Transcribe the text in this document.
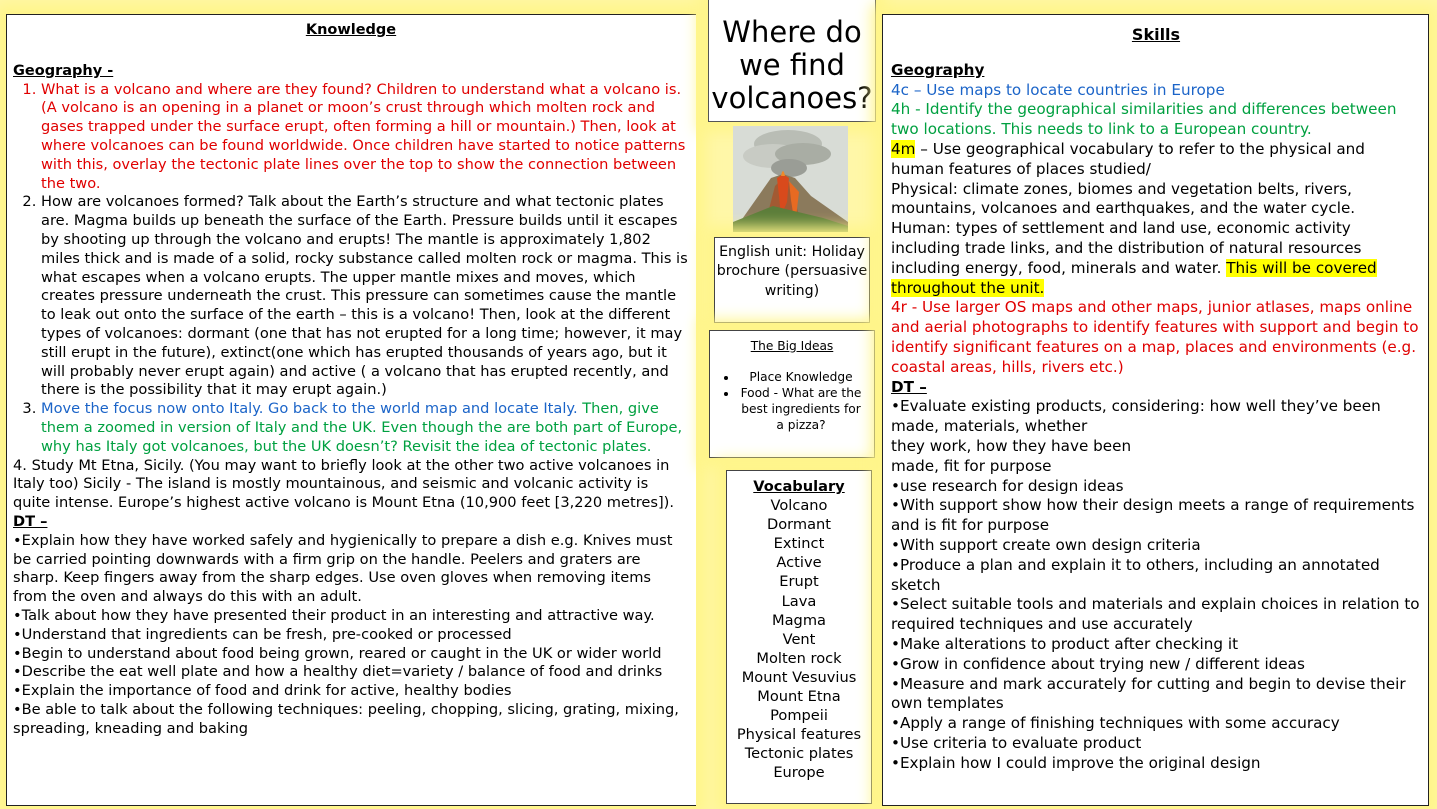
Knowledge

Geography -

1. What is a volcano and where are they found? Children to understand what a volcano is. (A volcano is an opening in a planet or moon’s crust through which molten rock and gases trapped under the surface erupt, often forming a hill or mountain.) Then, look at where volcanoes can be found worldwide. Once children have started to notice patterns with this, overlay the tectonic plate lines over the top to show the connection between the two.
2. How are volcanoes formed? Talk about the Earth’s structure and what tectonic plates are. Magma builds up beneath the surface of the Earth. Pressure builds until it escapes by shooting up through the volcano and erupts! The mantle is approximately 1,802 miles thick and is made of a solid, rocky substance called molten rock or magma. This is what escapes when a volcano erupts. The upper mantle mixes and moves, which creates pressure underneath the crust. This pressure can sometimes cause the mantle to leak out onto the surface of the earth – this is a volcano! Then, look at the different types of volcanoes: dormant (one that has not erupted for a long time; however, it may still erupt in the future), extinct(one which has erupted thousands of years ago, but it will probably never erupt again) and active ( a volcano that has erupted recently, and there is the possibility that it may erupt again.)
3. Move the focus now onto Italy. Go back to the world map and locate Italy. Then, give them a zoomed in version of Italy and the UK. Even though the are both part of Europe, why has Italy got volcanoes, but the UK doesn’t? Revisit the idea of tectonic plates.

4. Study Mt Etna, Sicily. (You may want to briefly look at the other two active volcanoes in Italy too) Sicily - The island is mostly mountainous, and seismic and volcanic activity is quite intense. Europe’s highest active volcano is Mount Etna (10,900 feet [3,220 metres]).

DT –

• Explain how they have worked safely and hygienically to prepare a dish e.g. Knives must be carried pointing downwards with a firm grip on the handle. Peelers and graters are sharp. Keep fingers away from the sharp edges. Use oven gloves when removing items from the oven and always do this with an adult.
• Talk about how they have presented their product in an interesting and attractive way.
• Understand that ingredients can be fresh, pre-cooked or processed
• Begin to understand about food being grown, reared or caught in the UK or wider world
• Describe the eat well plate and how a healthy diet=variety / balance of food and drinks
• Explain the importance of food and drink for active, healthy bodies
• Be able to talk about the following techniques: peeling, chopping, slicing, grating, mixing, spreading, kneading and baking
Where do we find volcanoes?
English unit: Holiday brochure (persuasive writing)
The Big Ideas
• Place Knowledge
• Food - What are the best ingredients for a pizza?
Vocabulary
Volcano
Dormant
Extinct
Active
Erupt
Lava
Magma
Vent
Molten rock
Mount Vesuvius
Mount Etna
Pompeii
Physical features
Tectonic plates
Europe

Skills

Geography

4c – Use maps to locate countries in Europe

4h - Identify the geographical similarities and differences between two locations. This needs to link to a European country.

4m – Use geographical vocabulary to refer to the physical and human features of places studied/

Physical: climate zones, biomes and vegetation belts, rivers, mountains, volcanoes and earthquakes, and the water cycle.

Human: types of settlement and land use, economic activity including trade links, and the distribution of natural resources including energy, food, minerals and water. This will be covered throughout the unit.

4r - Use larger OS maps and other maps, junior atlases, maps online and aerial photographs to identify features with support and begin to identify significant features on a map, places and environments (e.g. coastal areas, hills, rivers etc.)

DT –

•Evaluate existing products, considering: how well they’ve been made, materials, whether

they work, how they have been

made, fit for purpose

•use research for design ideas

•With support show how their design meets a range of requirements and is fit for purpose

•With support create own design criteria

•Produce a plan and explain it to others, including an annotated sketch

•Select suitable tools and materials and explain choices in relation to required techniques and use accurately

•Make alterations to product after checking it

•Grow in confidence about trying new / different ideas

•Measure and mark accurately for cutting and begin to devise their own templates

•Apply a range of finishing techniques with some accuracy

•Use criteria to evaluate product

•Explain how I could improve the original design
